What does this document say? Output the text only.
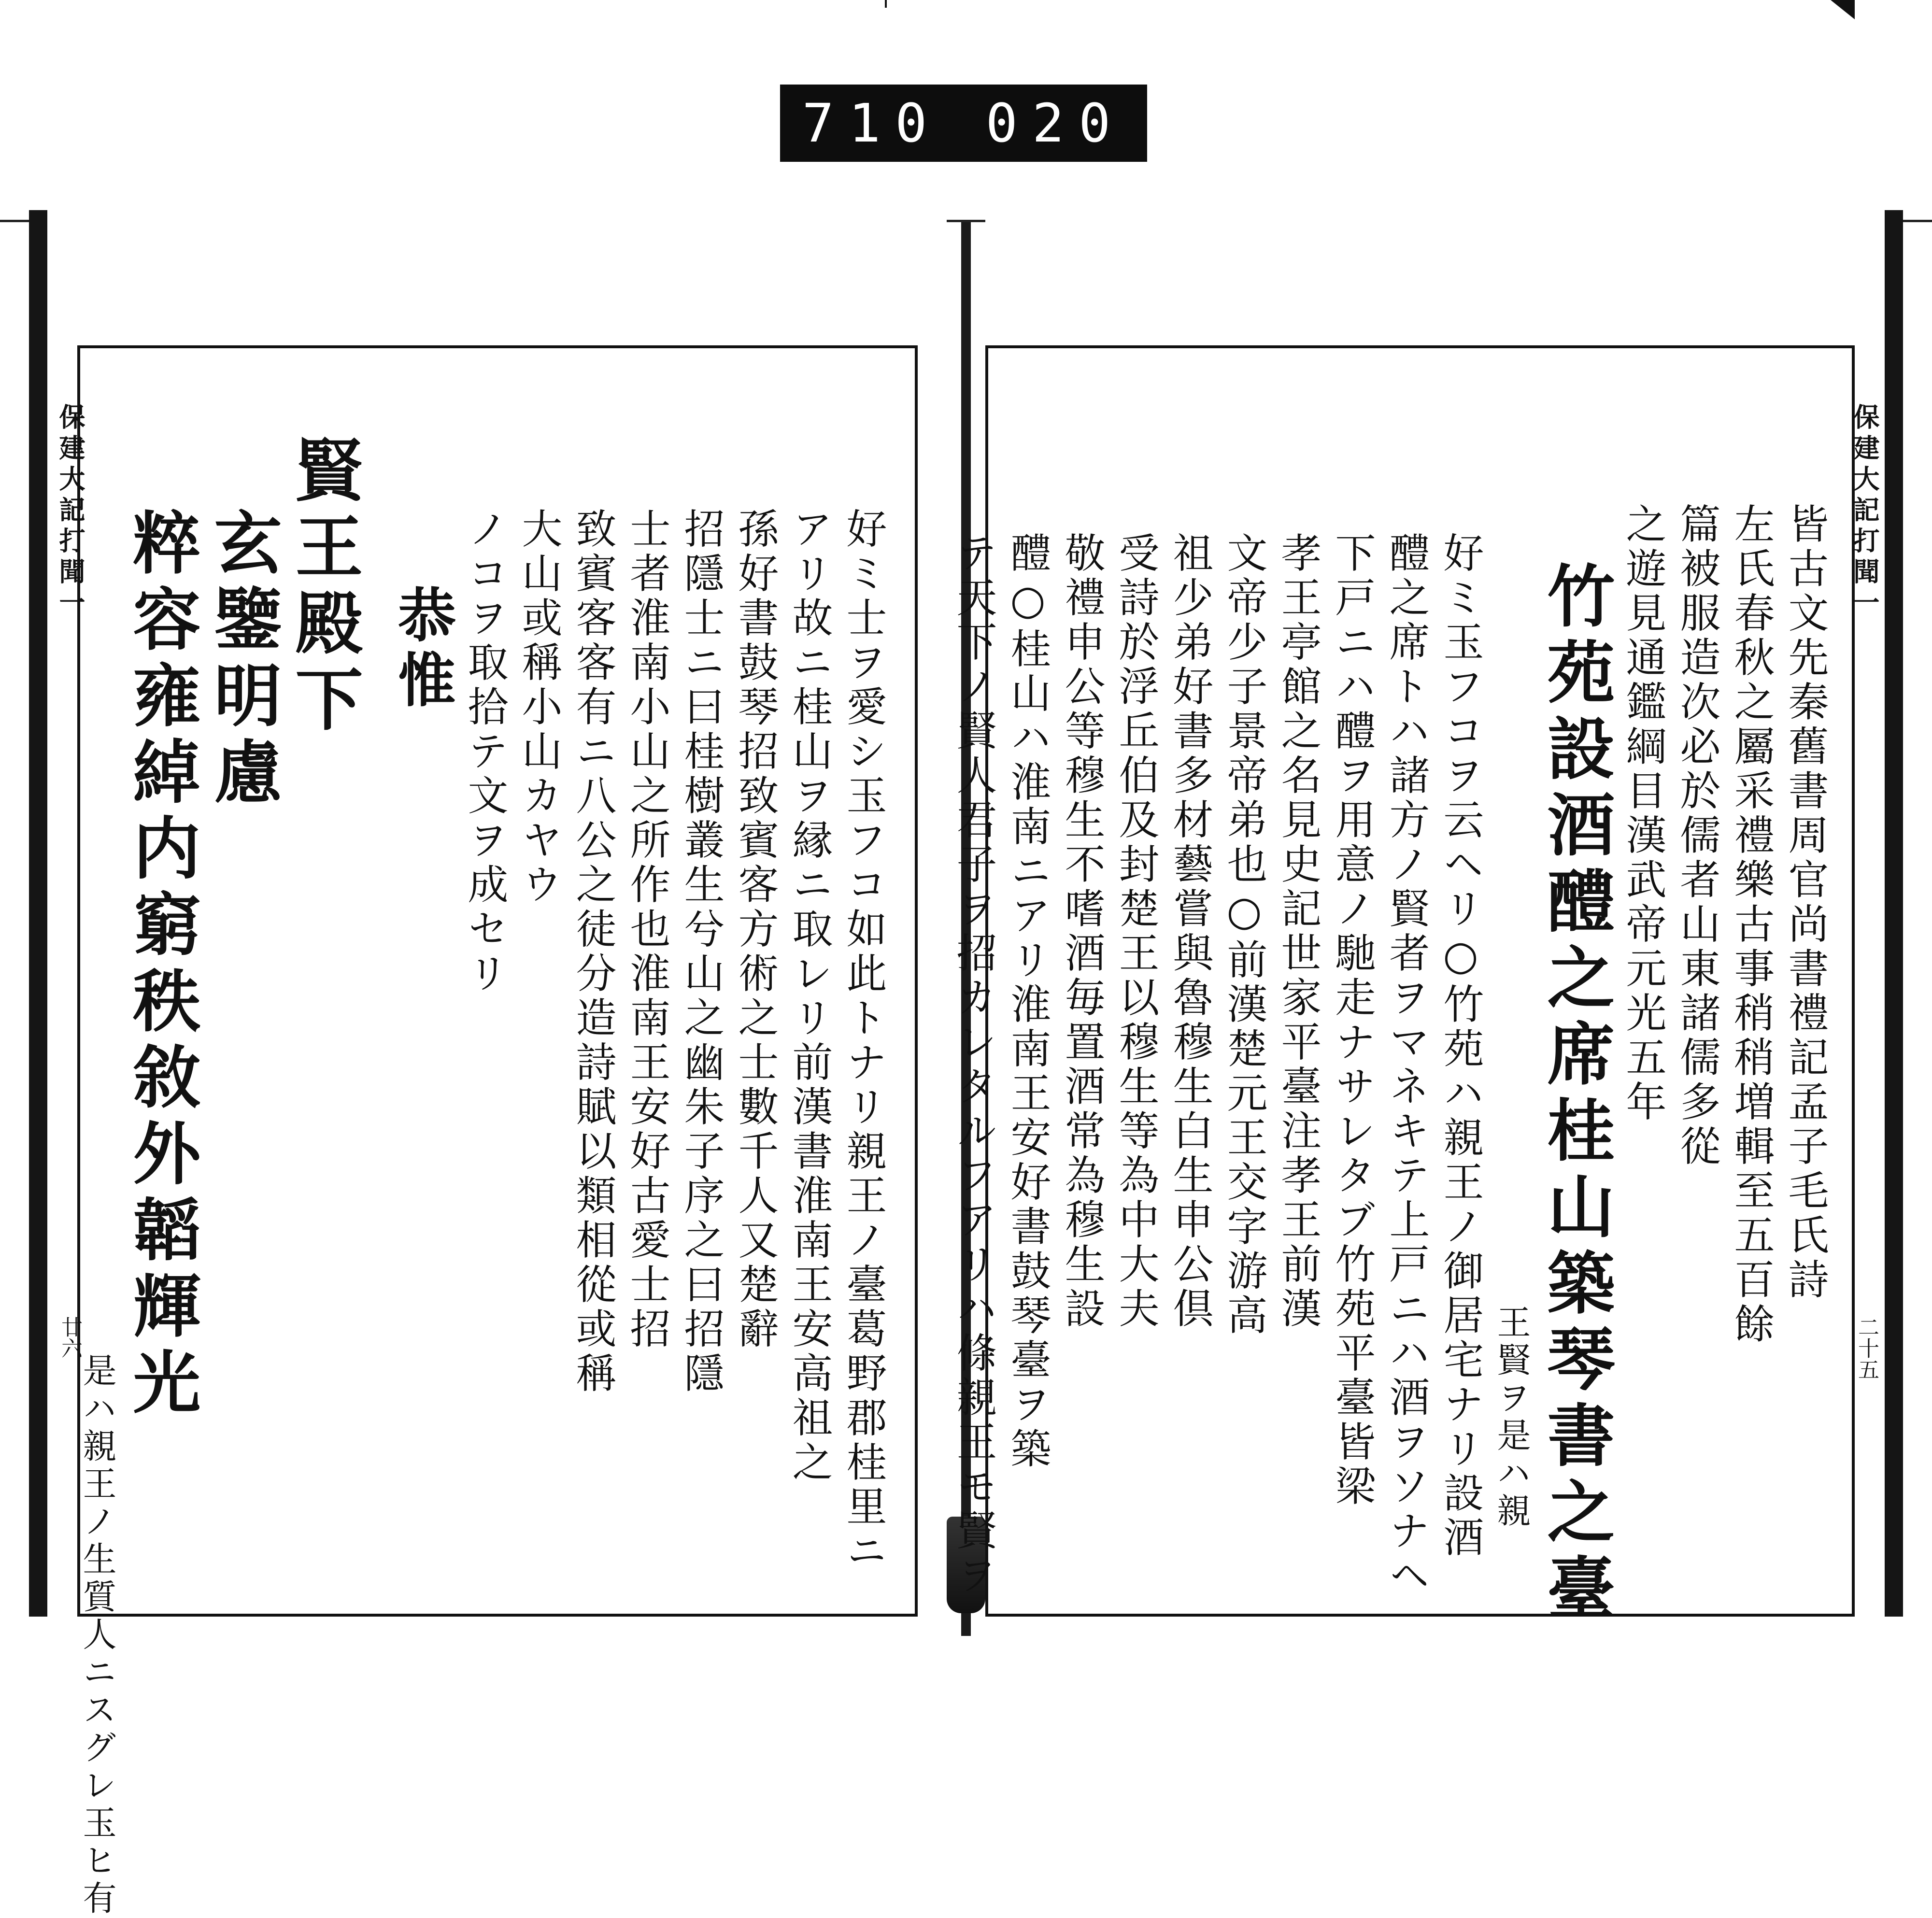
710 020
保建大記打聞一
廿六	好ミ士ヲ愛シ玉フコ如此トナリ親王ノ臺葛野郡桂里ニ
アリ故ニ桂山ヲ縁ニ取レリ前漢書淮南王安高祖之
孫好書鼓琴招致賓客方術之士數千人又楚辭
招隱士ニ曰桂樹叢生兮山之幽朱子序之曰招隱
士者淮南小山之所作也淮南王安好古愛士招
致賓客客有ニ八公之徒分造詩賦以類相從或稱
大山或稱小山カヤウ
ノコヲ取拾テ文ヲ成セリ
恭惟
賢王殿下
玄鑒明慮
粹容雍綽内窮秩敘外韜輝光
是ハ親王ノ生質人ニスグレ玉ヒ有
保建大記打聞一
二十五
皆古文先秦舊書周官尚書禮記孟子毛氏詩
左氏春秋之屬采禮樂古事稍稍増輯至五百餘
篇被服造次必於儒者山東諸儒多從
之遊見通鑑綱目漢武帝元光五年
竹苑設酒醴之席桂山築琴書之臺
王賢ヲ是ハ親
好ミ玉フコヲ云ヘリ○竹苑ハ親王ノ御居宅ナリ設酒
醴之席トハ諸方ノ賢者ヲマネキテ上戸ニハ酒ヲソナヘ
下戸ニハ醴ヲ用意ノ馳走ナサレタブ竹苑平臺皆梁
孝王亭館之名見史記世家平臺注孝王前漢
文帝少子景帝弟也○前漢楚元王交字游高
祖少弟好書多材藝嘗與魯穆生白生申公倶
受詩於浮丘伯及封楚王以穆生等為中大夫
敬禮申公等穆生不嗜酒毎置酒常為穆生設
醴○桂山ハ淮南ニアリ淮南王安好書鼓琴臺ヲ築
テ天下ノ賢人君子ヲ招カレタルフアリハ條親王モ賢ヲ
